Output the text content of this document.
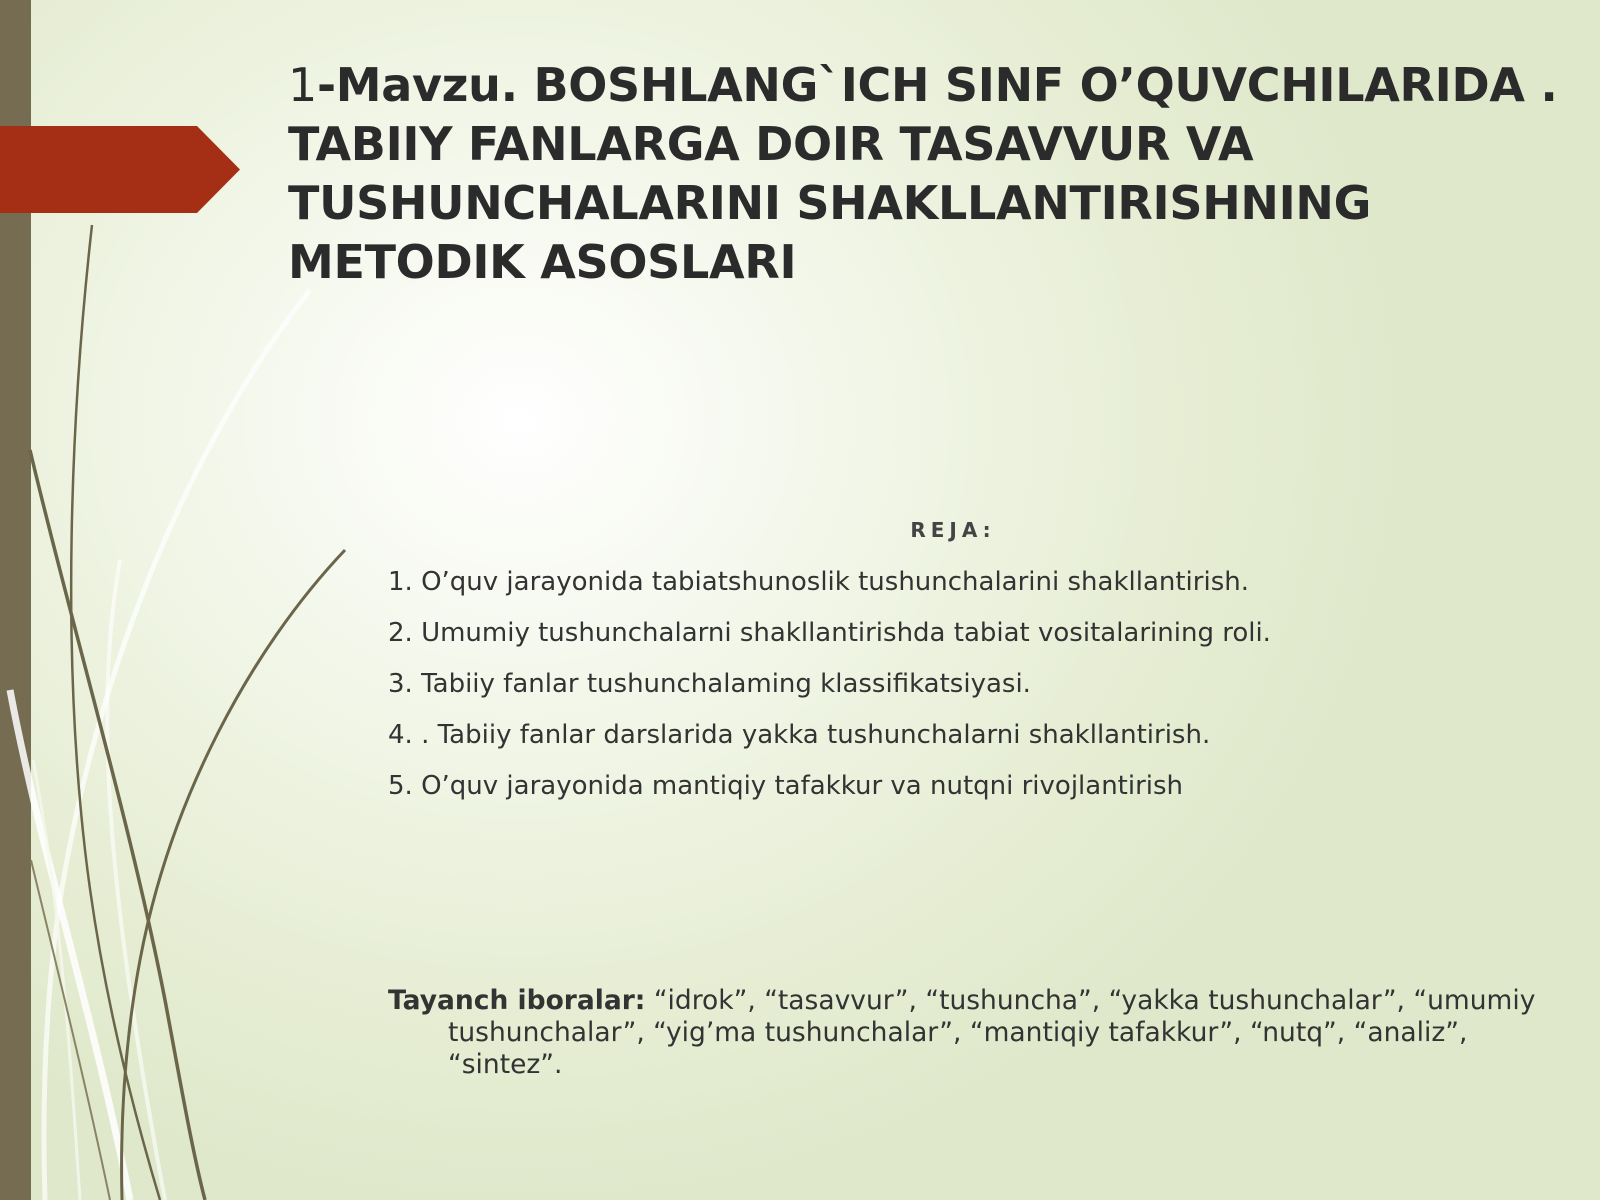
1-Mavzu. BOSHLANG`ICH SINF O’QUVCHILARIDA . TABIIY FANLARGA DOIR TASAVVUR VA TUSHUNCHALARINI SHAKLLANTIRISHNING METODIK ASOSLARI
REJA:
1. O’quv jarayonida tabiatshunoslik tushunchalarini shakllantirish.
2. Umumiy tushunchalarni shakllantirishda tabiat vositalarining roli.
3. Tabiiy fanlar tushunchalaming klassifikatsiyasi.
4. . Tabiiy fanlar darslarida yakka tushunchalarni shakllantirish.
5. O’quv jarayonida mantiqiy tafakkur va nutqni rivojlantirish
Tayanch iboralar: “idrok”, “tasavvur”, “tushuncha”, “yakka tushunchalar”, “umumiy tushunchalar”, “yig’ma tushunchalar”, “mantiqiy tafakkur”, “nutq”, “analiz”, “sintez”.
